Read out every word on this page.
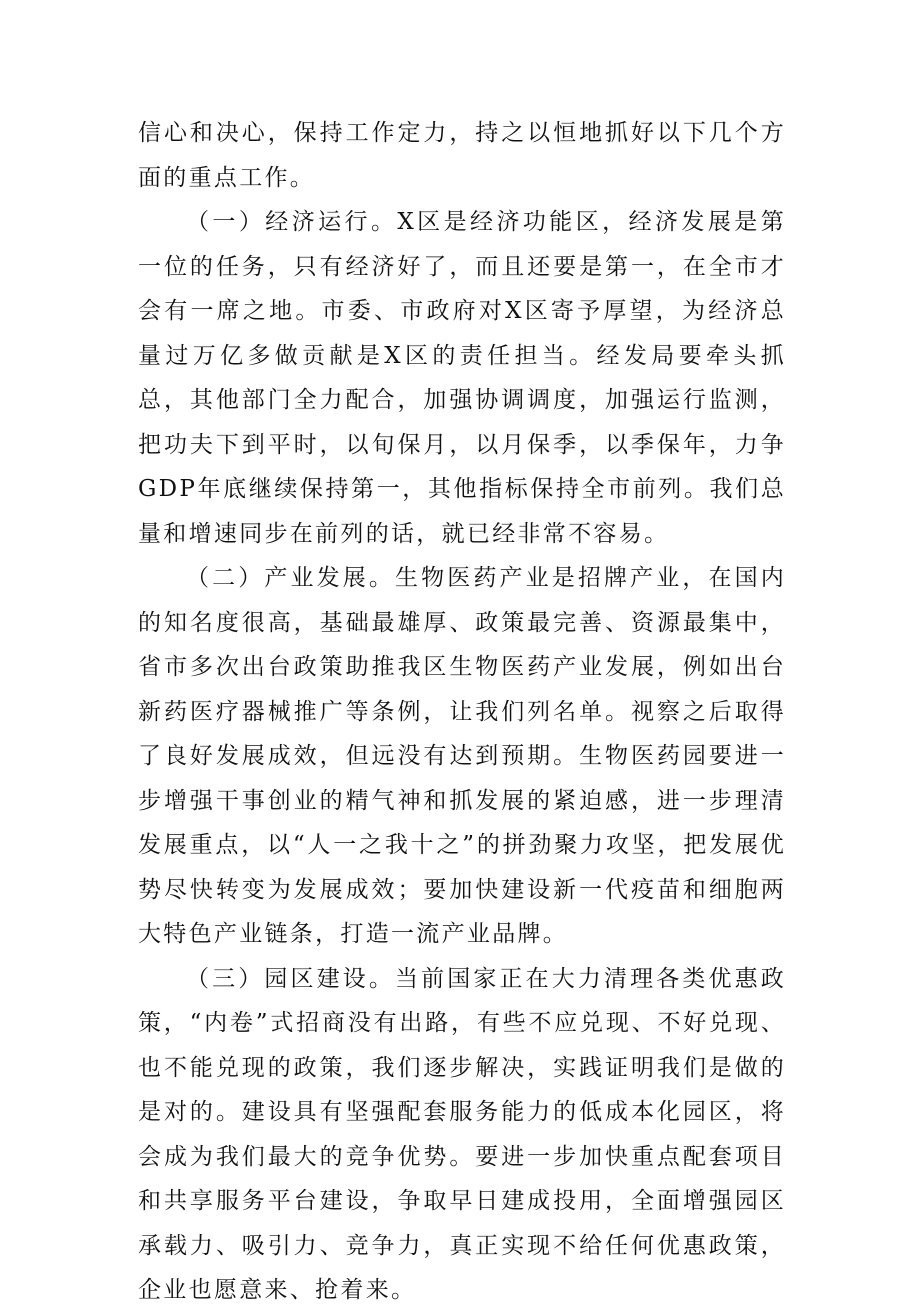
信心和决心，保持工作定力，持之以恒地抓好以下几个方面的重点工作。

（一）经济运行。X区是经济功能区，经济发展是第一位的任务，只有经济好了，而且还要是第一，在全市才会有一席之地。市委、市政府对X区寄予厚望，为经济总量过万亿多做贡献是X区的责任担当。经发局要牵头抓总，其他部门全力配合，加强协调调度，加强运行监测，把功夫下到平时，以旬保月，以月保季，以季保年，力争GDP年底继续保持第一，其他指标保持全市前列。我们总量和增速同步在前列的话，就已经非常不容易。

（二）产业发展。生物医药产业是招牌产业，在国内的知名度很高，基础最雄厚、政策最完善、资源最集中，省市多次出台政策助推我区生物医药产业发展，例如出台新药医疗器械推广等条例，让我们列名单。视察之后取得了良好发展成效，但远没有达到预期。生物医药园要进一步增强干事创业的精气神和抓发展的紧迫感，进一步理清发展重点，以“人一之我十之”的拼劲聚力攻坚，把发展优势尽快转变为发展成效；要加快建设新一代疫苗和细胞两大特色产业链条，打造一流产业品牌。

（三）园区建设。当前国家正在大力清理各类优惠政策，“内卷”式招商没有出路，有些不应兑现、不好兑现、也不能兑现的政策，我们逐步解决，实践证明我们是做的是对的。建设具有坚强配套服务能力的低成本化园区，将会成为我们最大的竞争优势。要进一步加快重点配套项目和共享服务平台建设，争取早日建成投用，全面增强园区承载力、吸引力、竞争力，真正实现不给任何优惠政策，企业也愿意来、抢着来。
